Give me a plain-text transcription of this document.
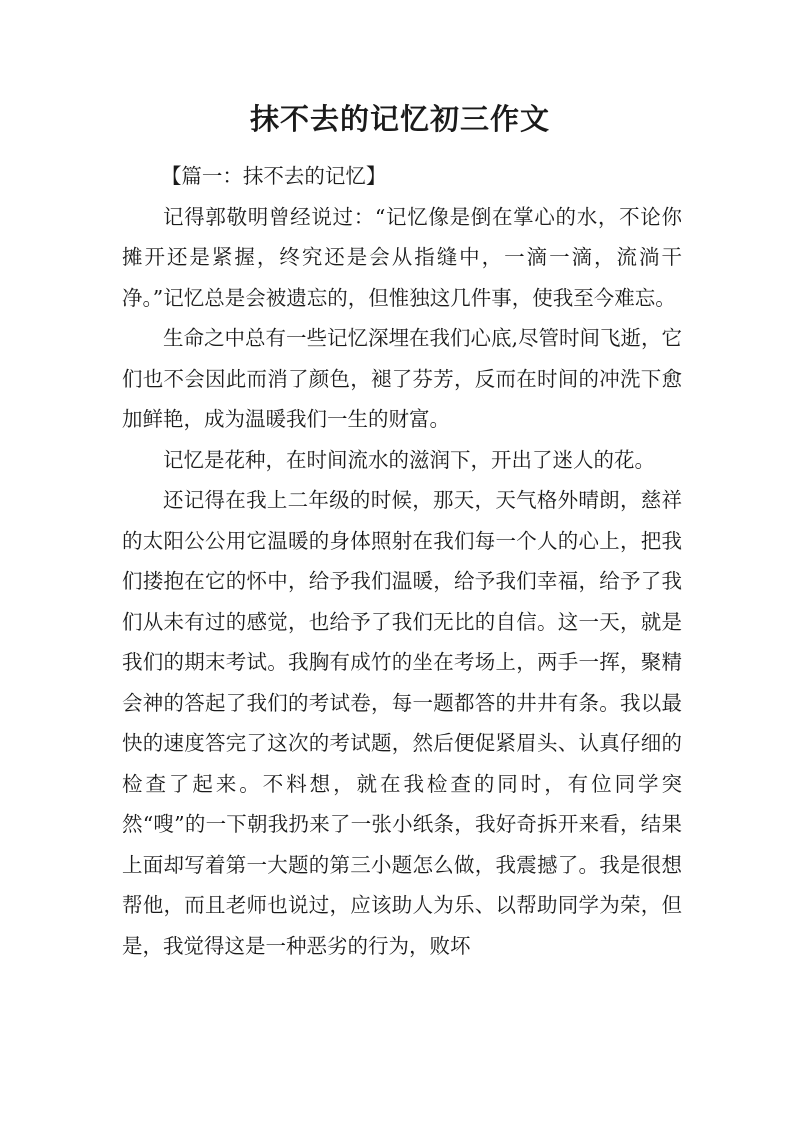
抹不去的记忆初三作文

【篇一：抹不去的记忆】

记得郭敬明曾经说过：“记忆像是倒在掌心的水，不论你摊开还是紧握，终究还是会从指缝中，一滴一滴，流淌干净。”记忆总是会被遗忘的，但惟独这几件事，使我至今难忘。

生命之中总有一些记忆深埋在我们心底,尽管时间飞逝，它们也不会因此而消了颜色，褪了芬芳，反而在时间的冲洗下愈加鲜艳，成为温暖我们一生的财富。

记忆是花种，在时间流水的滋润下，开出了迷人的花。

还记得在我上二年级的时候，那天，天气格外晴朗，慈祥的太阳公公用它温暖的身体照射在我们每一个人的心上，把我们搂抱在它的怀中，给予我们温暖，给予我们幸福，给予了我们从未有过的感觉，也给予了我们无比的自信。这一天，就是我们的期末考试。我胸有成竹的坐在考场上，两手一挥，聚精会神的答起了我们的考试卷，每一题都答的井井有条。我以最快的速度答完了这次的考试题，然后便促紧眉头、认真仔细的检查了起来。不料想，就在我检查的同时，有位同学突然“嗖”的一下朝我扔来了一张小纸条，我好奇拆开来看，结果上面却写着第一大题的第三小题怎么做，我震撼了。我是很想帮他，而且老师也说过，应该助人为乐、以帮助同学为荣，但是，我觉得这是一种恶劣的行为，败坏
